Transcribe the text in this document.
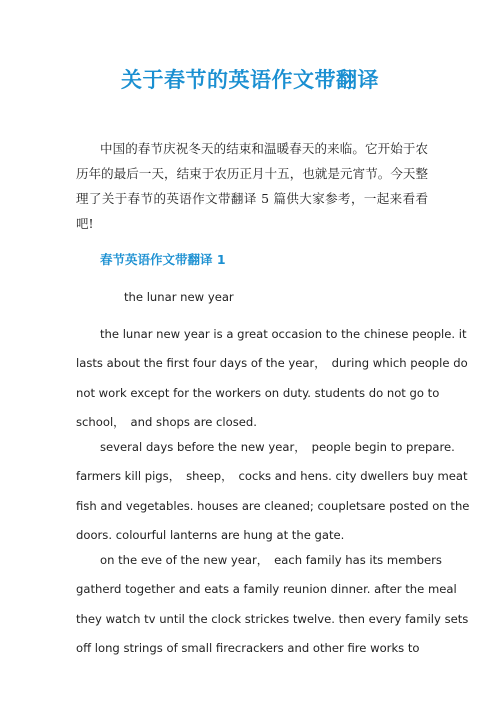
关于春节的英语作文带翻译

中国的春节庆祝冬天的结束和温暖春天的来临。它开始于农历年的最后一天，结束于农历正月十五，也就是元宵节。今天整理了关于春节的英语作文带翻译 5 篇供大家参考，一起来看看吧!

春节英语作文带翻译 1

the lunar new year

the lunar new year is a great occasion to the chinese people. it
lasts about the first four days of the year，　during which people do
not work except for the workers on duty. students do not go to
school，　and shops are closed.

several days before the new year，　people begin to prepare.
farmers kill pigs，　sheep，　cocks and hens. city dwellers buy meat
fish and vegetables. houses are cleaned; coupletsare posted on the
doors. colourful lanterns are hung at the gate.

on the eve of the new year，　each family has its members
gatherd together and eats a family reunion dinner. after the meal
they watch tv until the clock strickes twelve. then every family sets
off long strings of small firecrackers and other fire works to
